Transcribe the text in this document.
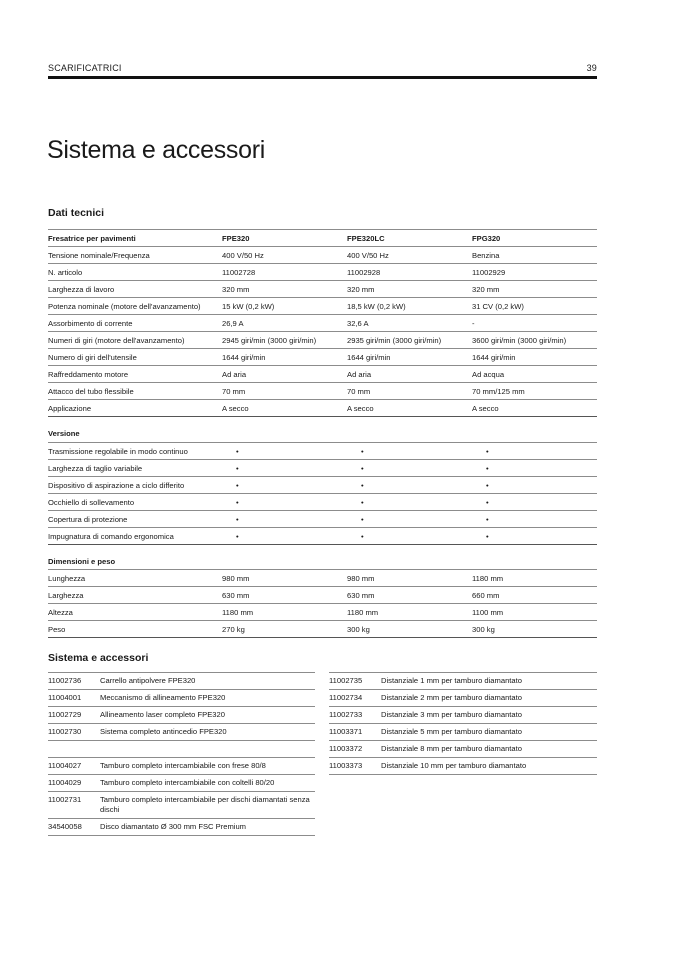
SCARIFICATRICI	39
Sistema e accessori
Dati tecnici
Fresatrice per pavimenti	FPE320	FPE320LC	FPG320
Tensione nominale/Frequenza	400 V/50 Hz	400 V/50 Hz	Benzina
N. articolo	11002728	11002928	11002929
Larghezza di lavoro	320 mm	320 mm	320 mm
Potenza nominale (motore dell'avanzamento)	15 kW (0,2 kW)	18,5 kW (0,2 kW)	31 CV (0,2 kW)
Assorbimento di corrente	26,9 A	32,6 A	-
Numeri di giri (motore dell'avanzamento)	2945 giri/min (3000 giri/min)	2935 giri/min (3000 giri/min)	3600 giri/min (3000 giri/min)
Numero di giri dell'utensile	1644 giri/min	1644 giri/min	1644 giri/min
Raffreddamento motore	Ad aria	Ad aria	Ad acqua
Attacco del tubo flessibile	70 mm	70 mm	70 mm/125 mm
Applicazione	A secco	A secco	A secco
Versione
Trasmissione regolabile in modo continuo	•	•	•
Larghezza di taglio variabile	•	•	•
Dispositivo di aspirazione a ciclo differito	•	•	•
Occhiello di sollevamento	•	•	•
Copertura di protezione	•	•	•
Impugnatura di comando ergonomica	•	•	•
Dimensioni e peso
Lunghezza	980 mm	980 mm	1180 mm
Larghezza	630 mm	630 mm	660 mm
Altezza	1180 mm	1180 mm	1100 mm
Peso	270 kg	300 kg	300 kg
Sistema e accessori
11002736	Carrello antipolvere FPE320
11004001	Meccanismo di allineamento FPE320
11002729	Allineamento laser completo FPE320
11002730	Sistema completo antincedio FPE320

11004027	Tamburo completo intercambiabile con frese 80/8
11004029	Tamburo completo intercambiabile con coltelli 80/20
11002731	Tamburo completo intercambiabile per dischi diamantati senza dischi
34540058	Disco diamantato Ø 300 mm FSC Premium
11002735	Distanziale 1 mm per tamburo diamantato
11002734	Distanziale 2 mm per tamburo diamantato
11002733	Distanziale 3 mm per tamburo diamantato
11003371	Distanziale 5 mm per tamburo diamantato
11003372	Distanziale 8 mm per tamburo diamantato
11003373	Distanziale 10 mm per tamburo diamantato
